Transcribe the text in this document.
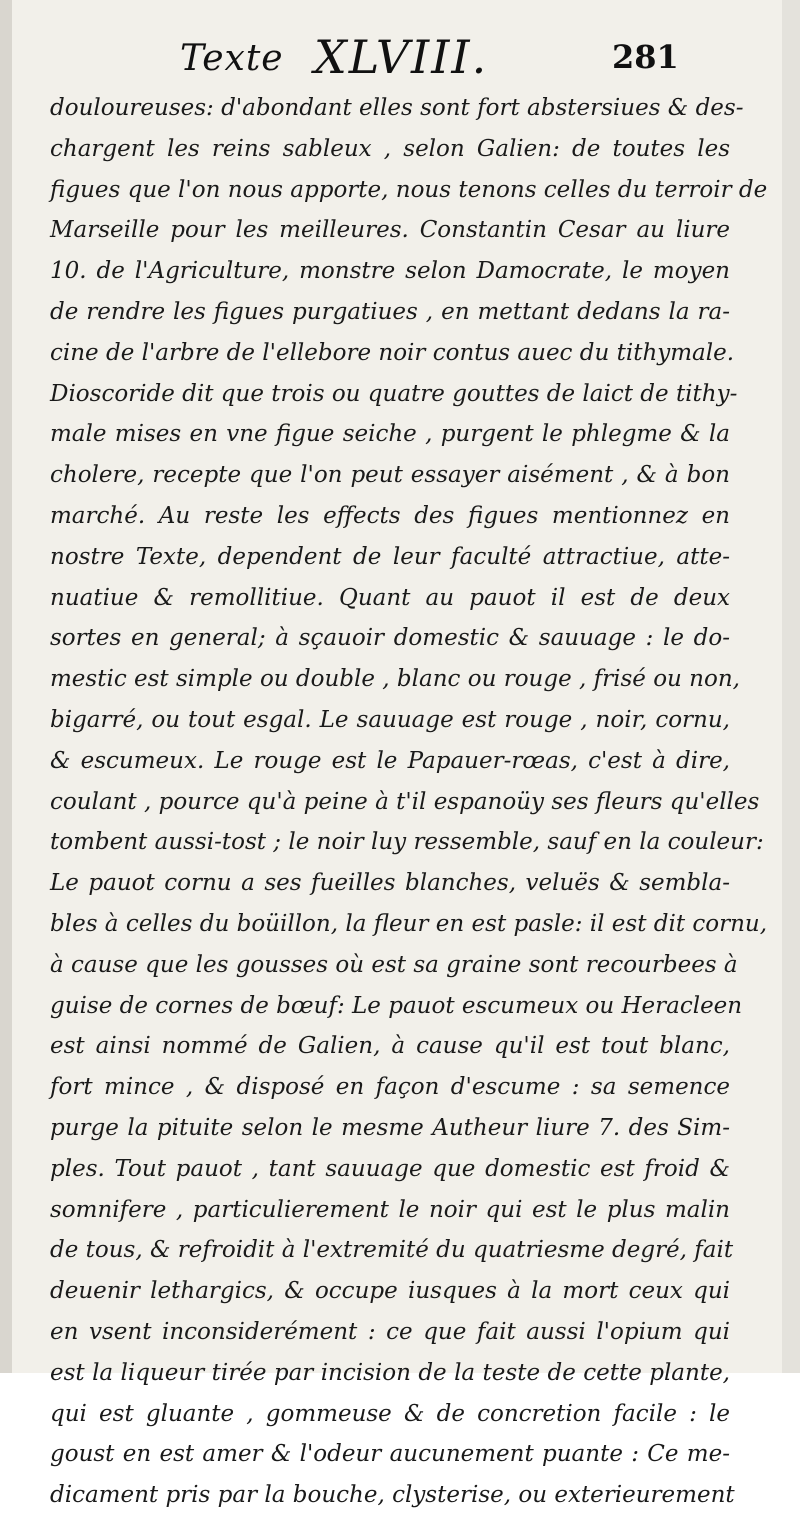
Texte XLVIII.	281
douloureuses: d'abondant elles sont fort abstersiues & des-
chargent les reins sableux , selon Galien: de toutes les
figues que l'on nous apporte, nous tenons celles du terroir de
Marseille pour les meilleures. Constantin Cesar au liure
10. de l'Agriculture, monstre selon Damocrate, le moyen
de rendre les figues purgatiues , en mettant dedans la ra-
cine de l'arbre de l'ellebore noir contus auec du tithymale.
Dioscoride dit que trois ou quatre gouttes de laict de tithy-
male mises en vne figue seiche , purgent le phlegme & la
cholere, recepte que l'on peut essayer aisément , & à bon
marché. Au reste les effects des figues mentionnez en
nostre Texte, dependent de leur faculté attractiue, atte-
nuatiue & remollitiue. Quant au pauot il est de deux
sortes en general; à sçauoir domestic & sauuage : le do-
mestic est simple ou double , blanc ou rouge , frisé ou non,
bigarré, ou tout esgal. Le sauuage est rouge , noir, cornu,
& escumeux. Le rouge est le Papauer-rœas, c'est à dire,
coulant , pource qu'à peine à t'il espanoüy ses fleurs qu'elles
tombent aussi-tost ; le noir luy ressemble, sauf en la couleur:
Le pauot cornu a ses fueilles blanches, veluës & sembla-
bles à celles du boüillon, la fleur en est pasle: il est dit cornu,
à cause que les gousses où est sa graine sont recourbees à
guise de cornes de bœuf: Le pauot escumeux ou Heracleen
est ainsi nommé de Galien, à cause qu'il est tout blanc,
fort mince , & disposé en façon d'escume : sa semence
purge la pituite selon le mesme Autheur liure 7. des Sim-
ples. Tout pauot , tant sauuage que domestic est froid &
somnifere , particulierement le noir qui est le plus malin
de tous, & refroidit à l'extremité du quatriesme degré, fait
deuenir lethargics, & occupe iusques à la mort ceux qui
en vsent inconsiderément : ce que fait aussi l'opium qui
est la liqueur tirée par incision de la teste de cette plante,
qui est gluante , gommeuse & de concretion facile : le
goust en est amer & l'odeur aucunement puante : Ce me-
dicament pris par la bouche, clysterise, ou exterieurement
